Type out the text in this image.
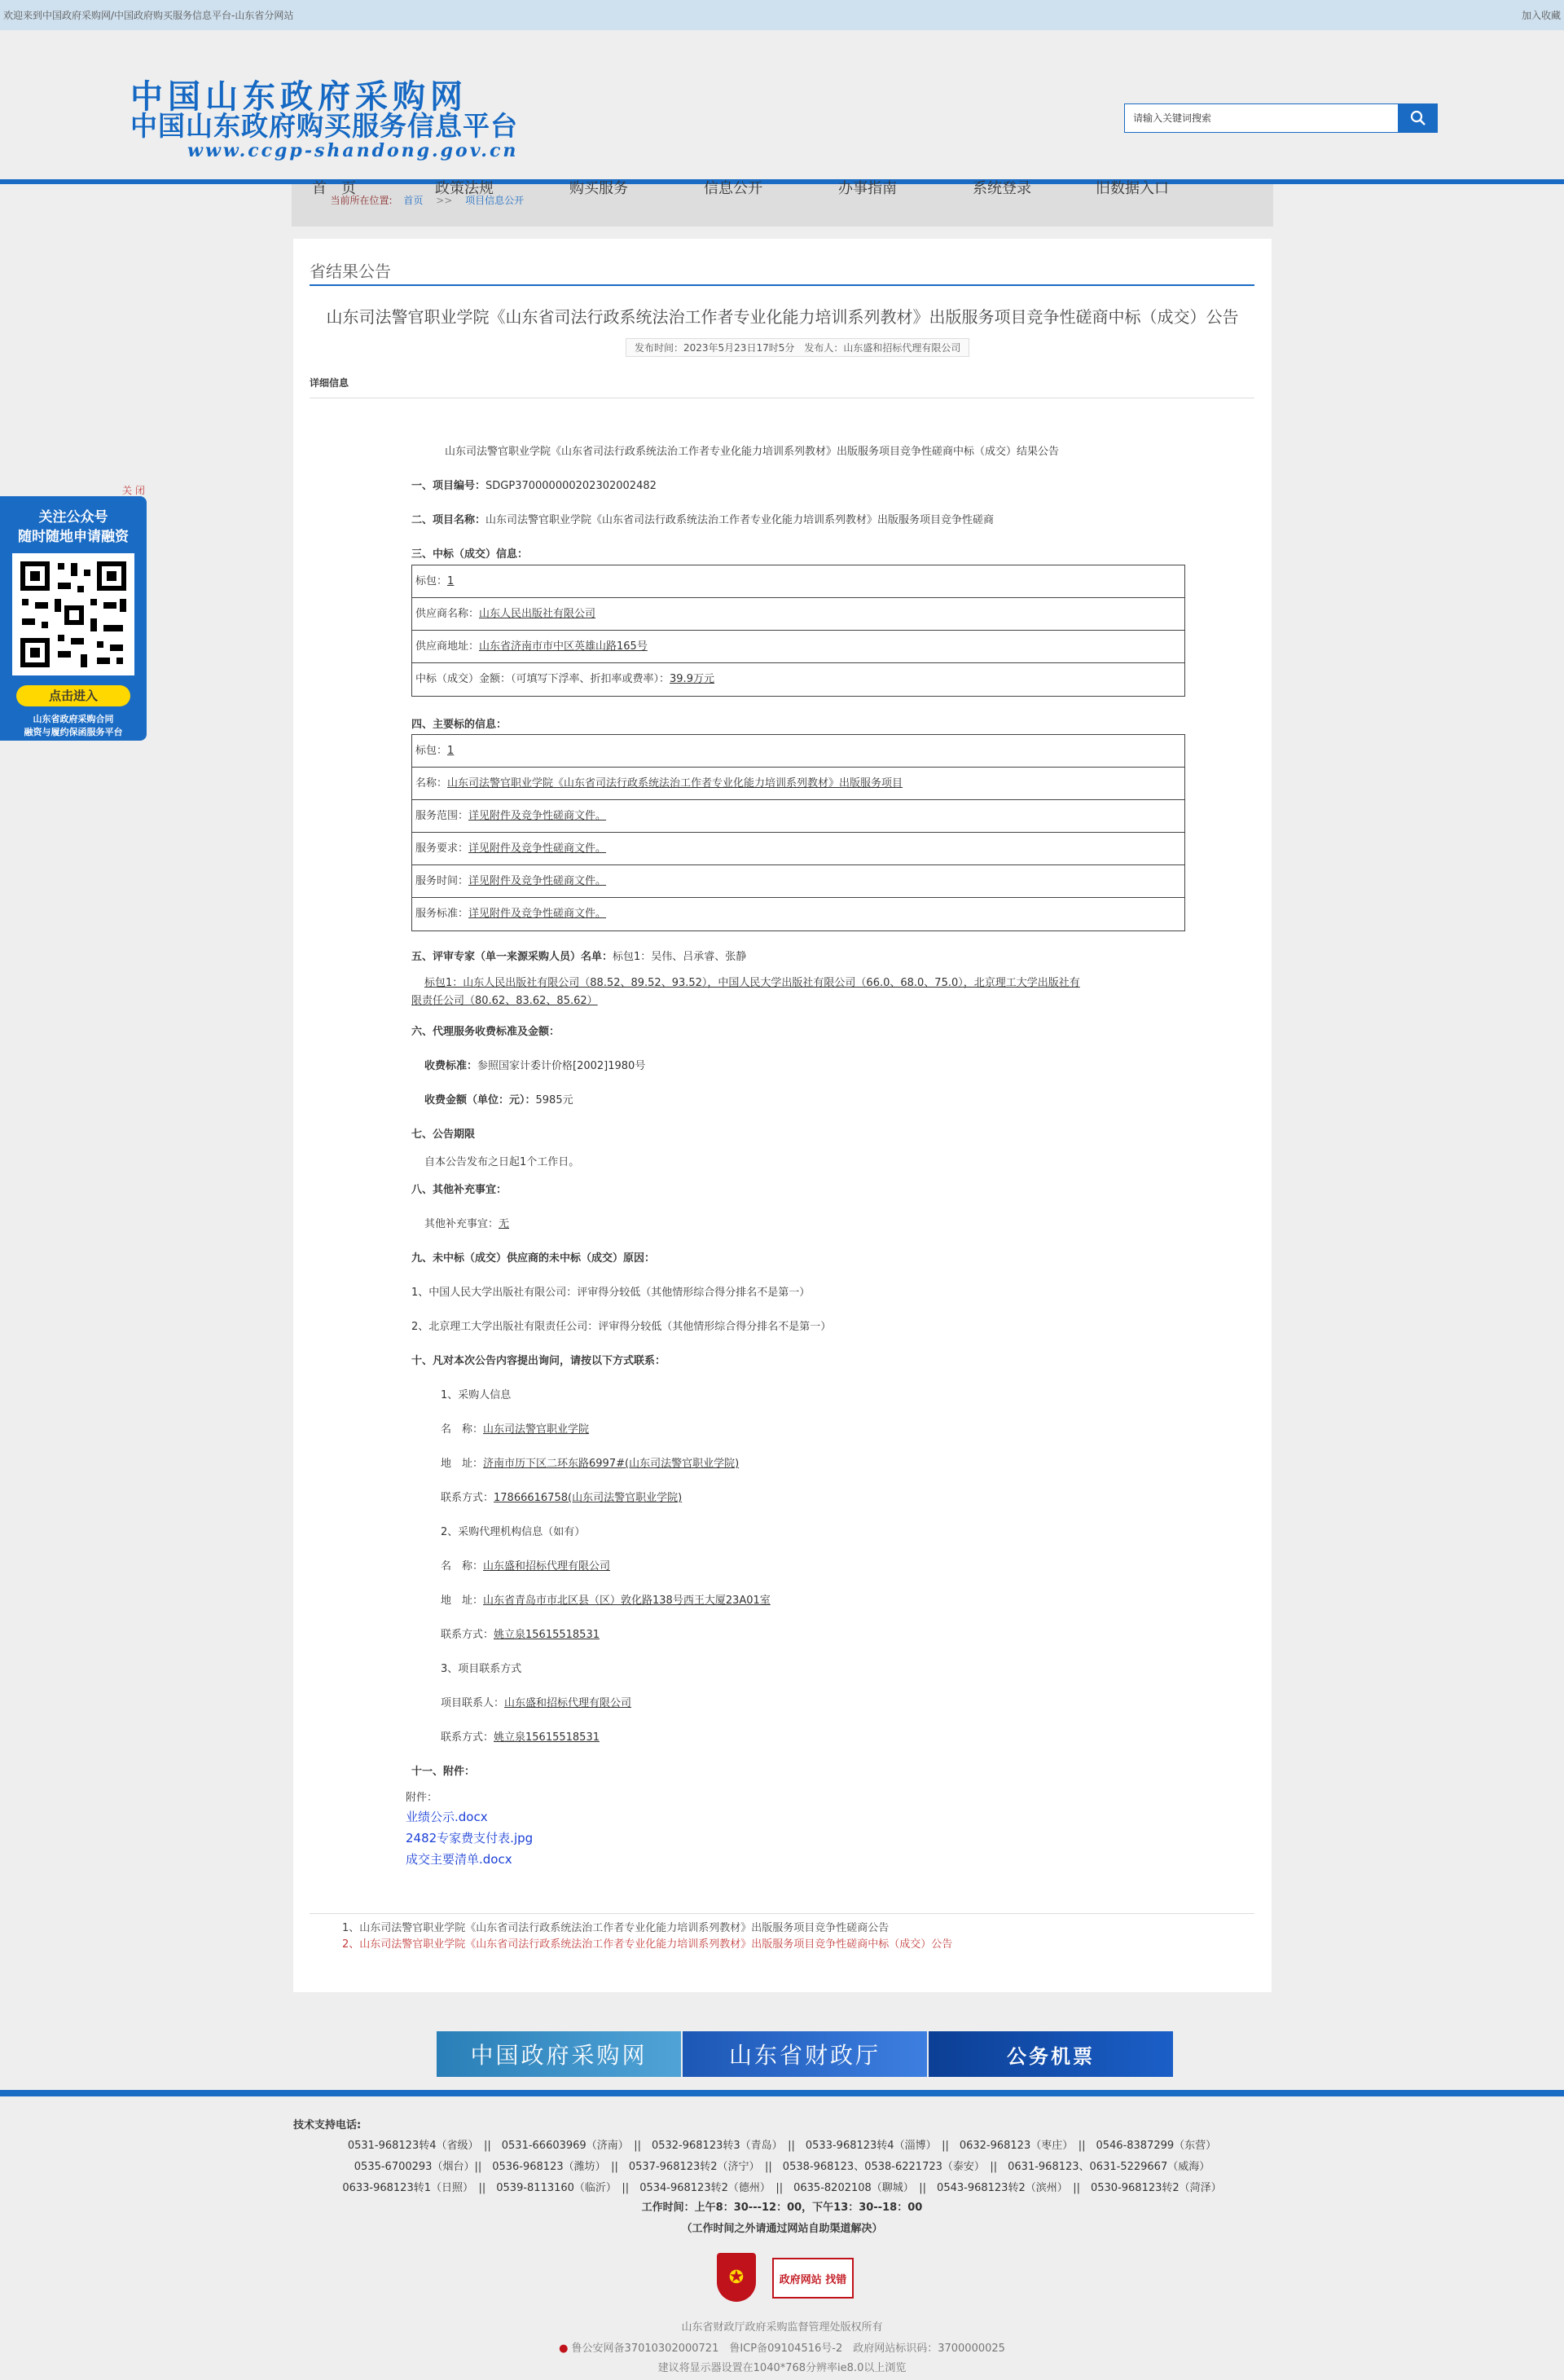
欢迎来到中国政府采购网/中国政府购买服务信息平台-山东省分网站	加入收藏
中国山东政府采购网
中国山东政府购买服务信息平台
www.ccgp-shandong.gov.cn
请输入关键词搜索
首　页	政策法规	购买服务	信息公开	办事指南	系统登录	旧数据入口
当前所在位置: 首页 >> 项目信息公开
省结果公告
山东司法警官职业学院《山东省司法行政系统法治工作者专业化能力培训系列教材》出版服务项目竞争性磋商中标（成交）公告
发布时间：2023年5月23日17时5分　发布人：山东盛和招标代理有限公司
详细信息
山东司法警官职业学院《山东省司法行政系统法治工作者专业化能力培训系列教材》出版服务项目竞争性磋商中标（成交）结果公告
一、项目编号：SDGP370000000202302002482
二、项目名称：山东司法警官职业学院《山东省司法行政系统法治工作者专业化能力培训系列教材》出版服务项目竞争性磋商
三、中标（成交）信息：
标包：1
供应商名称：山东人民出版社有限公司
供应商地址：山东省济南市市中区英雄山路165号
中标（成交）金额：（可填写下浮率、折扣率或费率）：39.9万元
四、主要标的信息：
标包：1
名称：山东司法警官职业学院《山东省司法行政系统法治工作者专业化能力培训系列教材》出版服务项目
服务范围：详见附件及竞争性磋商文件。
服务要求：详见附件及竞争性磋商文件。
服务时间：详见附件及竞争性磋商文件。
服务标准：详见附件及竞争性磋商文件。
五、评审专家（单一来源采购人员）名单：标包1：吴伟、吕承睿、张静
标包1：山东人民出版社有限公司（88.52、89.52、93.52），中国人民大学出版社有限公司（66.0、68.0、75.0），北京理工大学出版社有
限责任公司（80.62、83.62、85.62）
六、代理服务收费标准及金额：
收费标准：参照国家计委计价格[2002]1980号
收费金额（单位：元）：5985元
七、公告期限
自本公告发布之日起1个工作日。
八、其他补充事宜：
其他补充事宜：无
九、未中标（成交）供应商的未中标（成交）原因：
1、中国人民大学出版社有限公司：评审得分较低（其他情形综合得分排名不是第一）
2、北京理工大学出版社有限责任公司：评审得分较低（其他情形综合得分排名不是第一）
十、凡对本次公告内容提出询问，请按以下方式联系：
1、采购人信息
名　称：山东司法警官职业学院
地　址：济南市历下区二环东路6997#(山东司法警官职业学院)
联系方式：17866616758(山东司法警官职业学院)
2、采购代理机构信息（如有）
名　称：山东盛和招标代理有限公司
地　址：山东省青岛市市北区县（区）敦化路138号西王大厦23A01室
联系方式：姚立泉15615518531
3、项目联系方式
项目联系人：山东盛和招标代理有限公司
联系方式：姚立泉15615518531
十一、附件：
附件：
业绩公示.docx
2482专家费支付表.jpg
成交主要清单.docx
1、山东司法警官职业学院《山东省司法行政系统法治工作者专业化能力培训系列教材》出版服务项目竞争性磋商公告
2、山东司法警官职业学院《山东省司法行政系统法治工作者专业化能力培训系列教材》出版服务项目竞争性磋商中标（成交）公告
关 闭
关注公众号
随时随地申请融资
点击进入
山东省政府采购合同
融资与履约保函服务平台
中国政府采购网	山东省财政厅	公务机票
技术支持电话:
0531-968123转4（省级）　||　0531-66603969（济南）　||　0532-968123转3（青岛）　||　0533-968123转4（淄博）　||　0632-968123（枣庄）　||　0546-8387299（东营）
0535-6700293（烟台）||　0536-968123（潍坊）　||　0537-968123转2（济宁）　||　0538-968123、0538-6221723（泰安）　||　0631-968123、0631-5229667（威海）
0633-968123转1（日照）　||　0539-8113160（临沂）　||　0534-968123转2（德州）　||　0635-8202108（聊城）　||　0543-968123转2（滨州）　||　0530-968123转2（菏泽）
工作时间：上午8：30---12：00，下午13：30--18：00
（工作时间之外请通过网站自助渠道解决）
✪	政府网站
找错
山东省财政厅政府采购监督管理处版权所有
● 鲁公安网备37010302000721　鲁ICP备09104516号-2　政府网站标识码：3700000025
建议将显示器设置在1040*768分辨率ie8.0以上浏览
